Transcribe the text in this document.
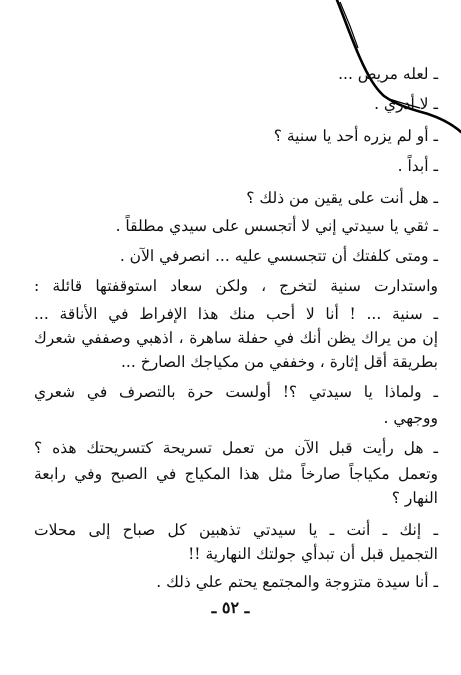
ـ لعله مريض ...
ـ لا أدري .
ـ أو لم يزره أحد يا سنية ؟
ـ أبداً .
ـ هل أنت على يقين من ذلك ؟
ـ ثقي يا سيدتي إني لا أتجسس على سيدي مطلقاً .
ـ ومتى كلفتك أن تتجسسي عليه ... انصرفي الآن .
واستدارت سنية لتخرج ، ولكن سعاد استوقفتها قائلة :
ـ سنية ... ! أنا لا أحب منك هذا الإفراط في الأناقة ...
إن من يراك يظن أنك في حفلة ساهرة ، اذهبي وصففي شعرك
بطريقة أقل إثارة ، وخففي من مكياجك الصارخ ...
ـ ولماذا يا سيدتي ؟! أولست حرة بالتصرف في شعري
ووجهي .
ـ هل رأيت قبل الآن من تعمل تسريحة كتسريحتك هذه ؟
وتعمل مكياجاً صارخاً مثل هذا المكياج في الصبح وفي رابعة
النهار ؟
ـ إنك ـ أنت ـ يا سيدتي تذهبين كل صباح إلى محلات
التجميل قبل أن تبدأي جولتك النهارية !!
ـ أنا سيدة متزوجة والمجتمع يحتم علي ذلك .
ـ ٥٢ ـ
